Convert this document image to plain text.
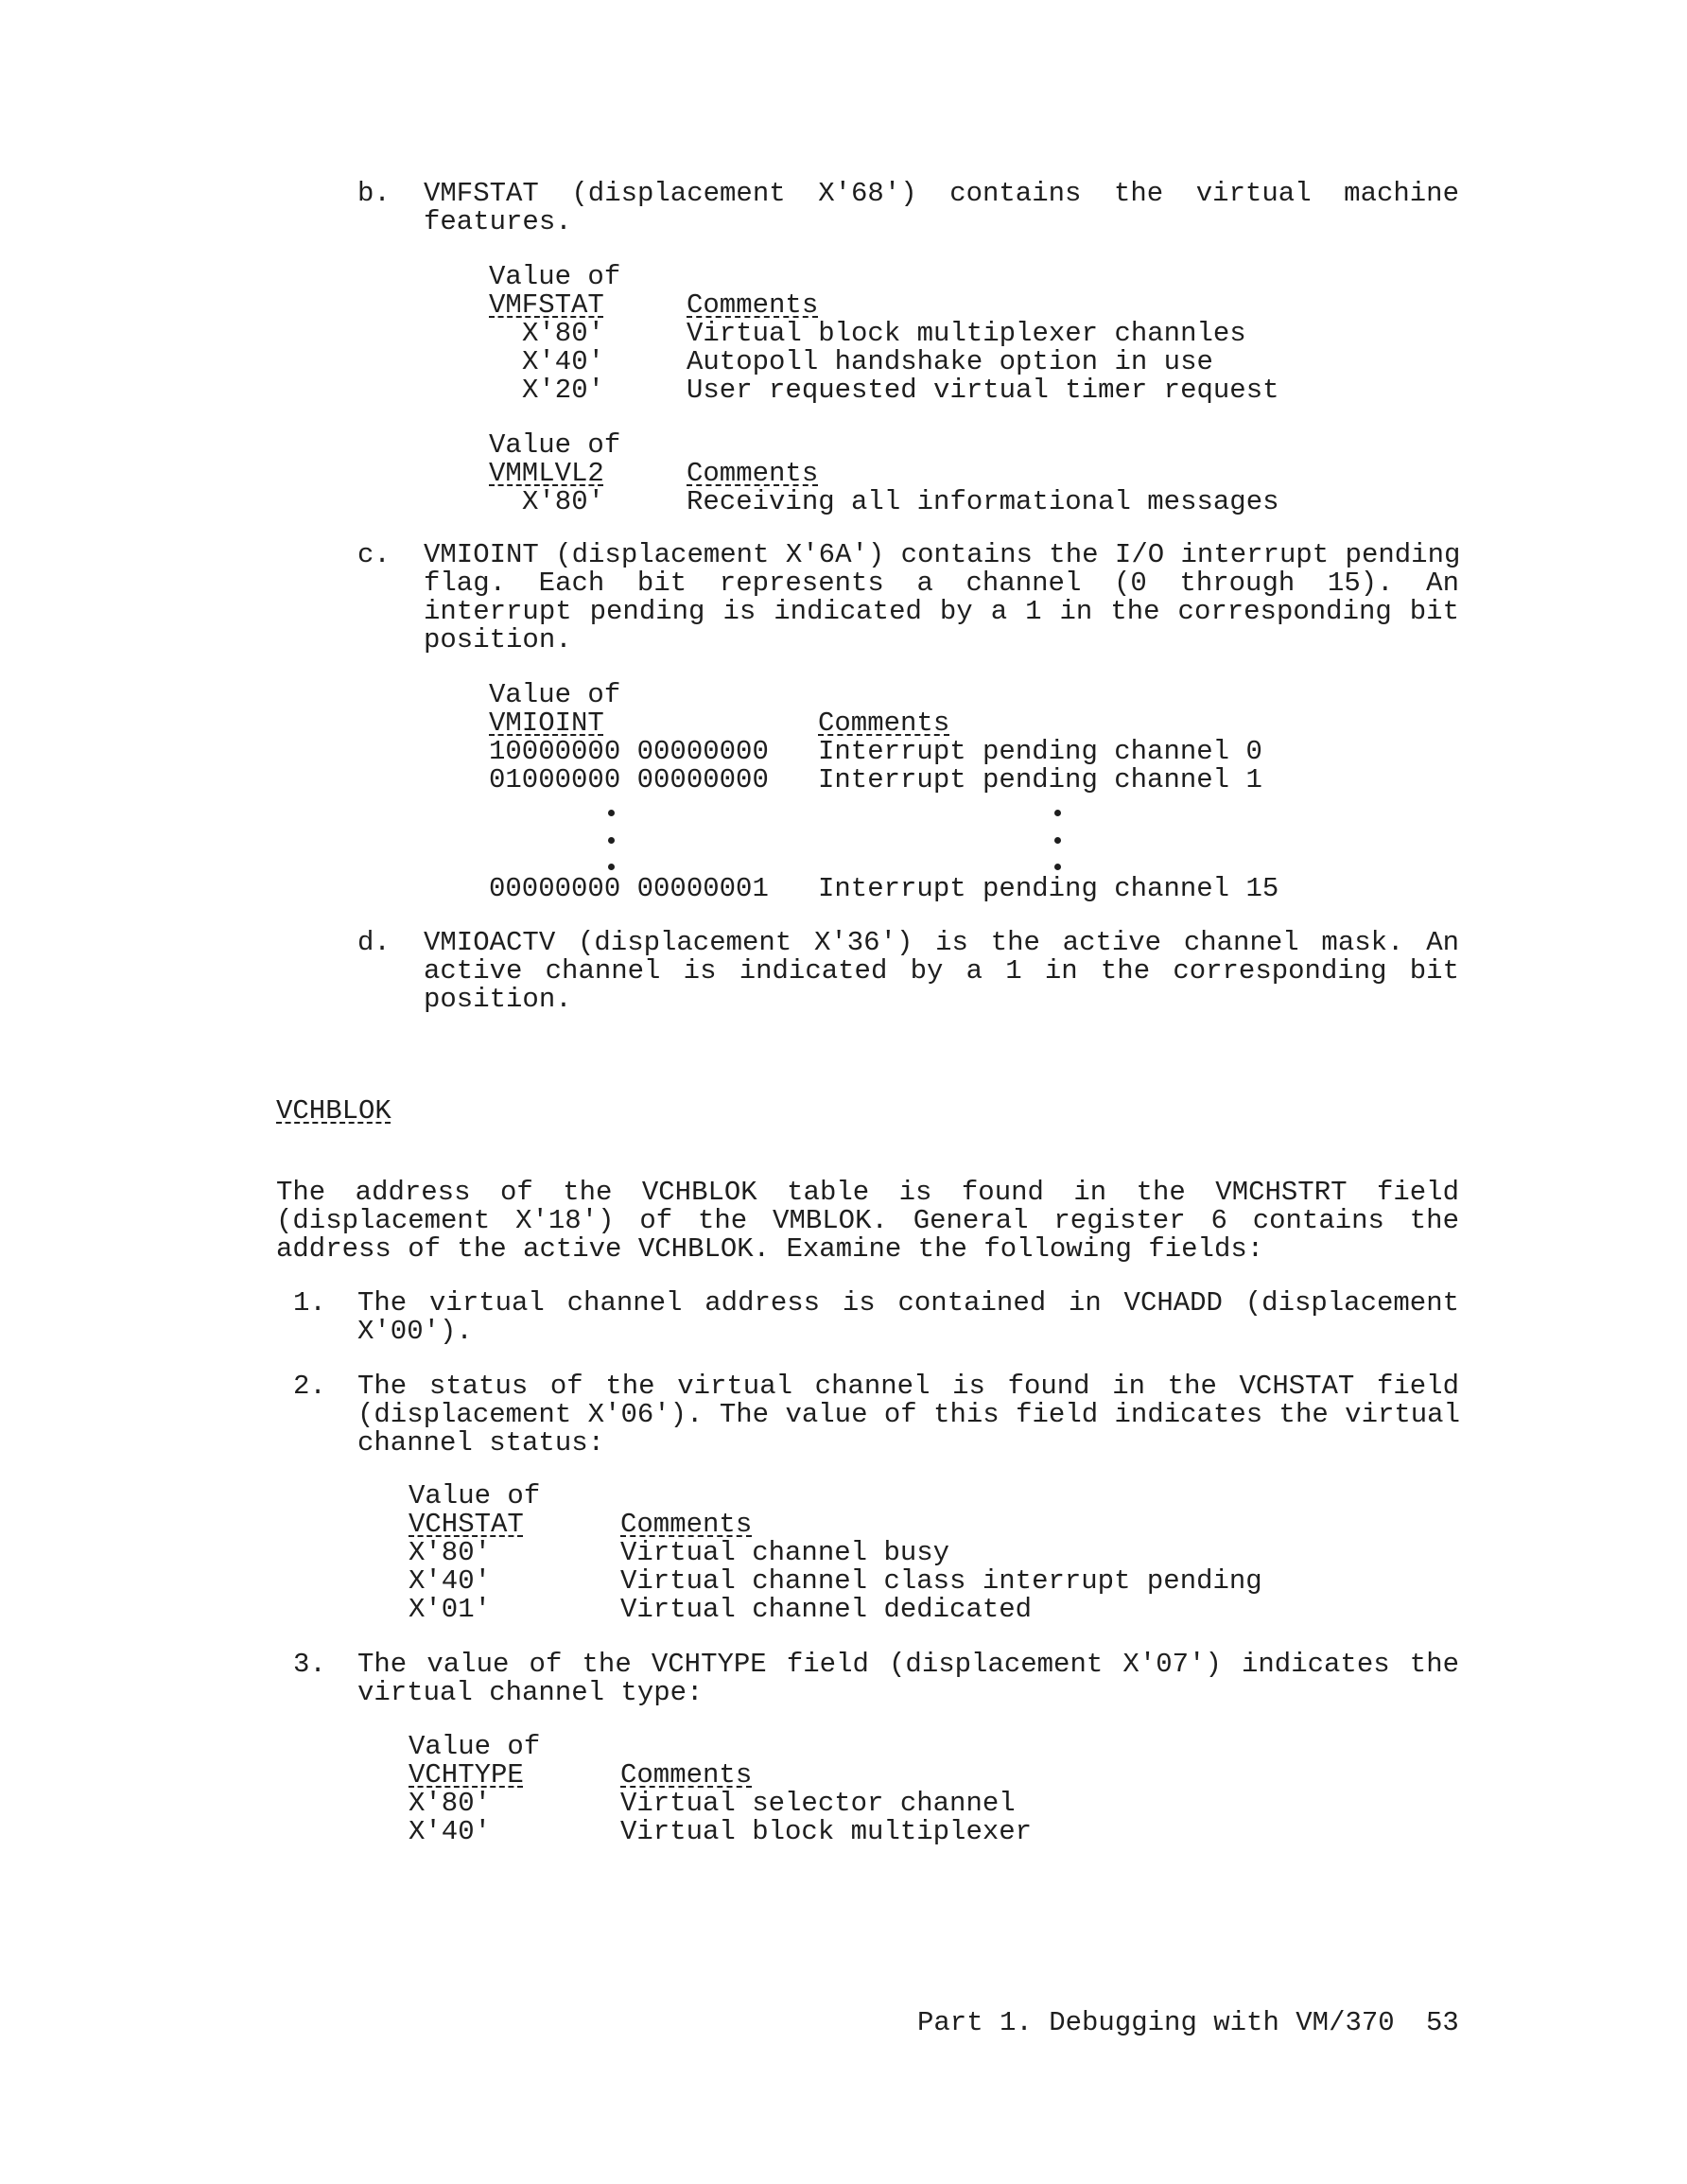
b. VMFSTAT (displacement X'68') contains the virtual machine
features.
Value of
VMFSTAT	Comments
X'80'	Virtual block multiplexer channles
X'40'	Autopoll handshake option in use
X'20'	User requested virtual timer request
Value of
VMMLVL2	Comments
X'80'	Receiving all informational messages
c. VMIOINT (displacement X'6A') contains the I/O interrupt pending
flag. Each bit represents a channel (0 through 15). An
interrupt pending is indicated by a 1 in the corresponding bit
position.
Value of
VMIOINT	Comments
10000000 00000000 Interrupt pending channel 0
01000000 00000000 Interrupt pending channel 1
00000000 00000001 Interrupt pending channel 15
d. VMIOACTV (displacement X'36') is the active channel mask. An
active channel is indicated by a 1 in the corresponding bit
position.
VCHBLOK
The address of the VCHBLOK table is found in the VMCHSTRT field
(displacement X'18') of the VMBLOK. General register 6 contains the
address of the active VCHBLOK. Examine the following fields:
1. The virtual channel address is contained in VCHADD (displacement
X'00').
2. The status of the virtual channel is found in the VCHSTAT field
(displacement X'06'). The value of this field indicates the virtual
channel status:
Value of
VCHSTAT	Comments
X'80'	Virtual channel busy
X'40'	Virtual channel class interrupt pending
X'01'	Virtual channel dedicated
3. The value of the VCHTYPE field (displacement X'07') indicates the
virtual channel type:
Value of
VCHTYPE	Comments
X'80'	Virtual selector channel
X'40'	Virtual block multiplexer
Part 1. Debugging with VM/370 53
